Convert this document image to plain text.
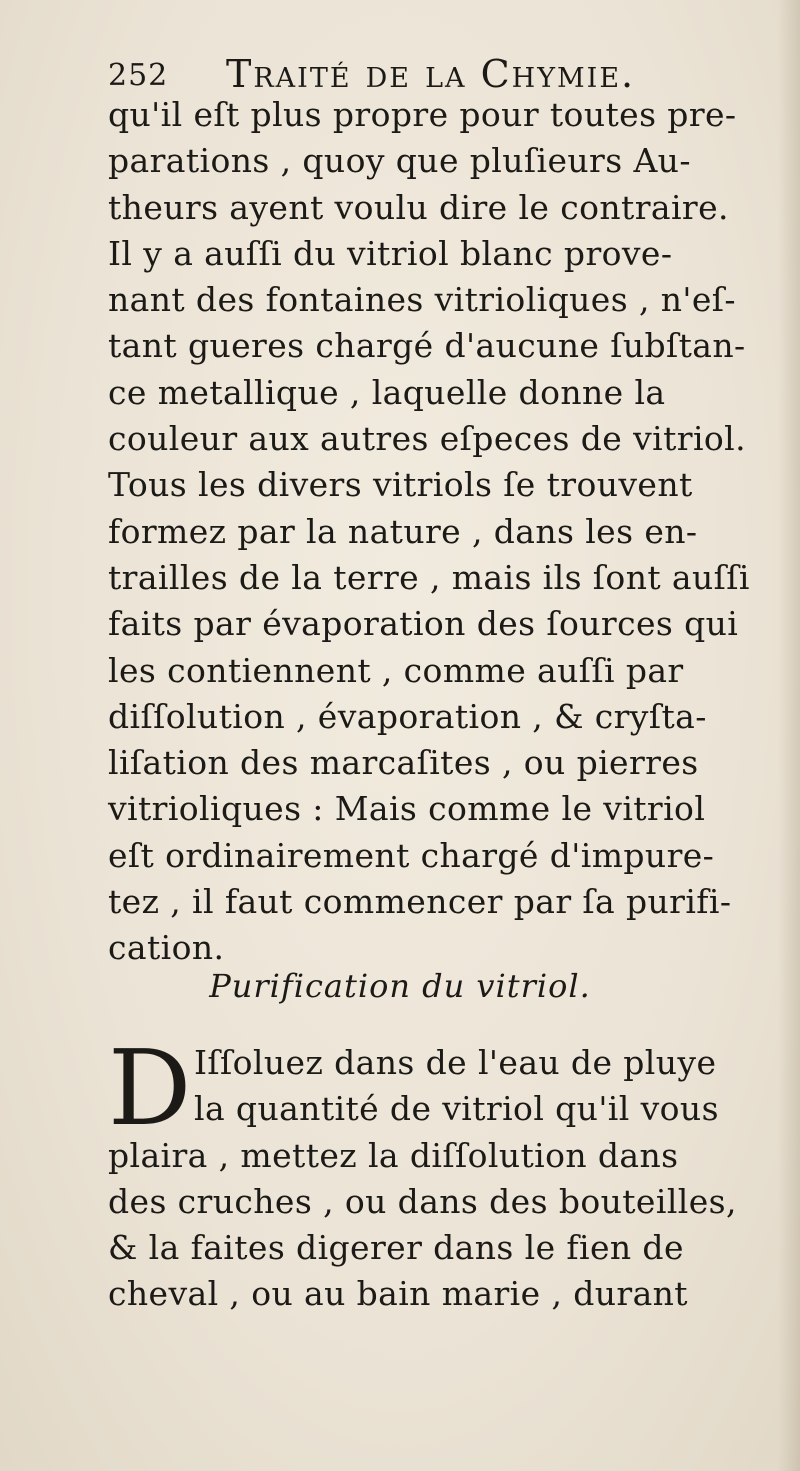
252 Traité de la Chymie.
qu'il eſt plus propre pour toutes pre-
parations , quoy que pluſieurs Au-
theurs ayent voulu dire le contraire.
Il y a auſſi du vitriol blanc prove-
nant des fontaines vitrioliques , n'eſ-
tant gueres chargé d'aucune ſubſtan-
ce metallique , laquelle donne la
couleur aux autres eſpeces de vitriol.
Tous les divers vitriols ſe trouvent
formez par la nature , dans les en-
trailles de la terre , mais ils ſont auſſi
faits par évaporation des ſources qui
les contiennent , comme auſſi par
diſſolution , évaporation , & cryſta-
liſation des marcaſites , ou pierres
vitrioliques : Mais comme le vitriol
eſt ordinairement chargé d'impure-
tez , il faut commencer par ſa purifi-
cation.
Purification du vitriol.
D Iſſoluez dans de l'eau de pluye
la quantité de vitriol qu'il vous
plaira , mettez la diſſolution dans
des cruches , ou dans des bouteilles,
& la faites digerer dans le fien de
cheval , ou au bain marie , durant
